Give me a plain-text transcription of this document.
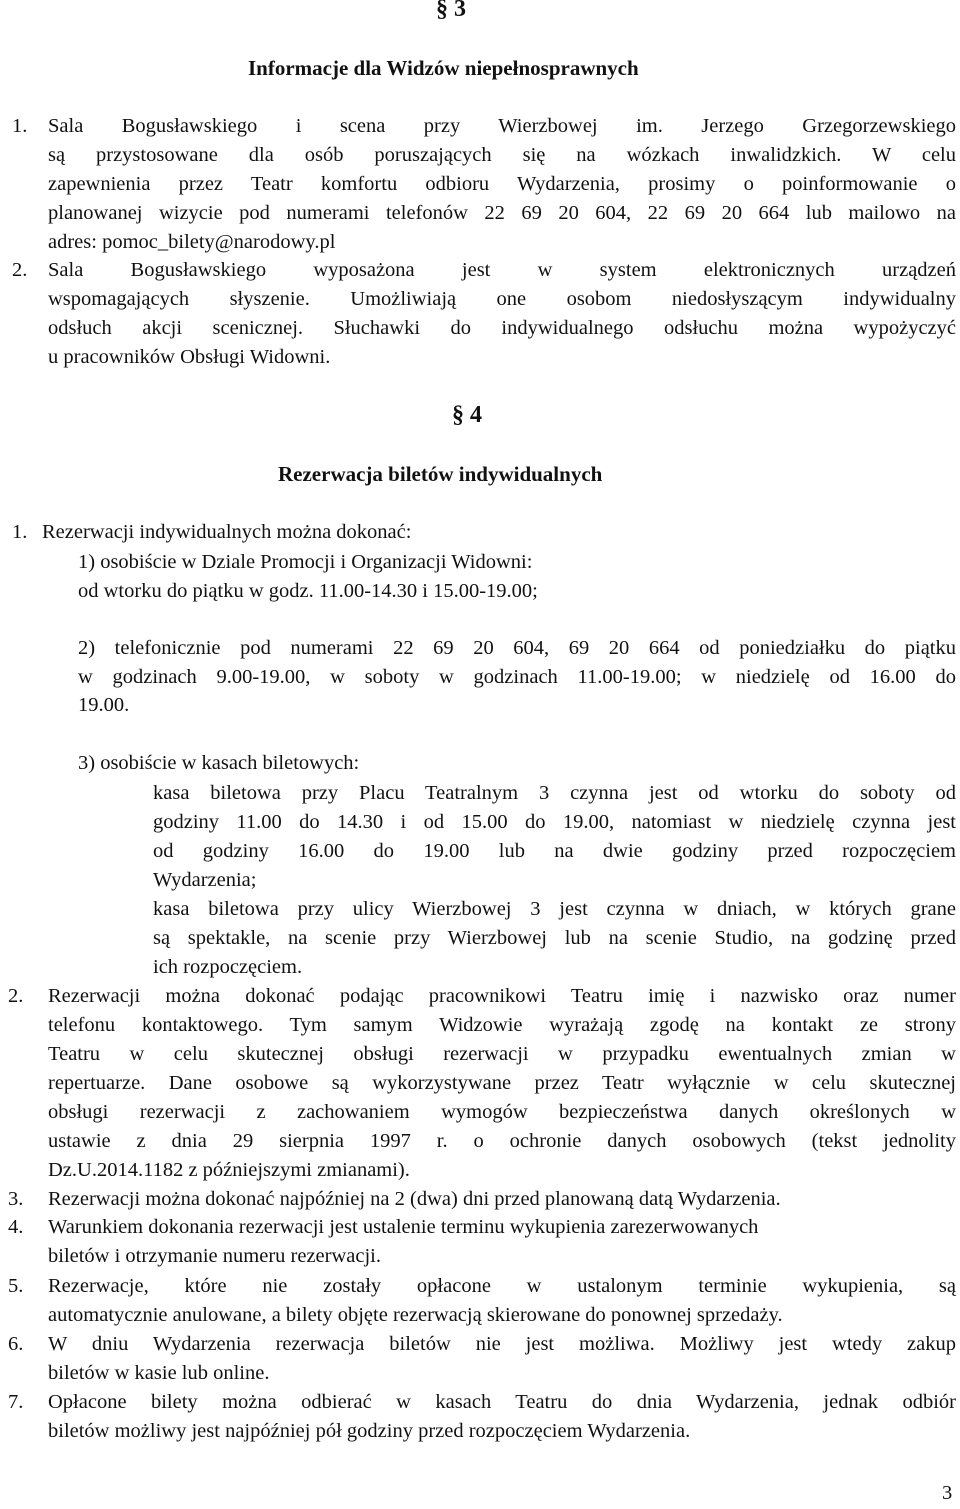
§ 3
Informacje dla Widzów niepełnosprawnych
1. Sala Bogusławskiego i scena przy Wierzbowej im. Jerzego Grzegorzewskiego
są przystosowane dla osób poruszających się na wózkach inwalidzkich. W celu
zapewnienia przez Teatr komfortu odbioru Wydarzenia, prosimy o poinformowanie o
planowanej wizycie pod numerami telefonów 22 69 20 604, 22 69 20 664 lub mailowo na
adres: pomoc_bilety@narodowy.pl
2. Sala Bogusławskiego wyposażona jest w system elektronicznych urządzeń
wspomagających słyszenie. Umożliwiają one osobom niedosłyszącym indywidualny
odsłuch akcji scenicznej. Słuchawki do indywidualnego odsłuchu można wypożyczyć
u pracowników Obsługi Widowni.
§ 4
Rezerwacja biletów indywidualnych
1. Rezerwacji indywidualnych można dokonać:
1) osobiście w Dziale Promocji i Organizacji Widowni:
od wtorku do piątku w godz. 11.00-14.30 i 15.00-19.00;
2) telefonicznie pod numerami 22 69 20 604, 69 20 664 od poniedziałku do piątku
w godzinach 9.00-19.00, w soboty w godzinach 11.00-19.00; w niedzielę od 16.00 do
19.00.
3) osobiście w kasach biletowych:
kasa biletowa przy Placu Teatralnym 3 czynna jest od wtorku do soboty od
godziny 11.00 do 14.30 i od 15.00 do 19.00, natomiast w niedzielę czynna jest
od godziny 16.00 do 19.00 lub na dwie godziny przed rozpoczęciem
Wydarzenia;
kasa biletowa przy ulicy Wierzbowej 3 jest czynna w dniach, w których grane
są spektakle, na scenie przy Wierzbowej lub na scenie Studio, na godzinę przed
ich rozpoczęciem.
2. Rezerwacji można dokonać podając pracownikowi Teatru imię i nazwisko oraz numer
telefonu kontaktowego. Tym samym Widzowie wyrażają zgodę na kontakt ze strony
Teatru w celu skutecznej obsługi rezerwacji w przypadku ewentualnych zmian w
repertuarze. Dane osobowe są wykorzystywane przez Teatr wyłącznie w celu skutecznej
obsługi rezerwacji z zachowaniem wymogów bezpieczeństwa danych określonych w
ustawie z dnia 29 sierpnia 1997 r. o ochronie danych osobowych (tekst jednolity
Dz.U.2014.1182 z późniejszymi zmianami).
3. Rezerwacji można dokonać najpóźniej na 2 (dwa) dni przed planowaną datą Wydarzenia.
4. Warunkiem dokonania rezerwacji jest ustalenie terminu wykupienia zarezerwowanych
biletów i otrzymanie numeru rezerwacji.
5. Rezerwacje, które nie zostały opłacone w ustalonym terminie wykupienia, są
automatycznie anulowane, a bilety objęte rezerwacją skierowane do ponownej sprzedaży.
6. W dniu Wydarzenia rezerwacja biletów nie jest możliwa. Możliwy jest wtedy zakup
biletów w kasie lub online.
7. Opłacone bilety można odbierać w kasach Teatru do dnia Wydarzenia, jednak odbiór
biletów możliwy jest najpóźniej pół godziny przed rozpoczęciem Wydarzenia.
3
